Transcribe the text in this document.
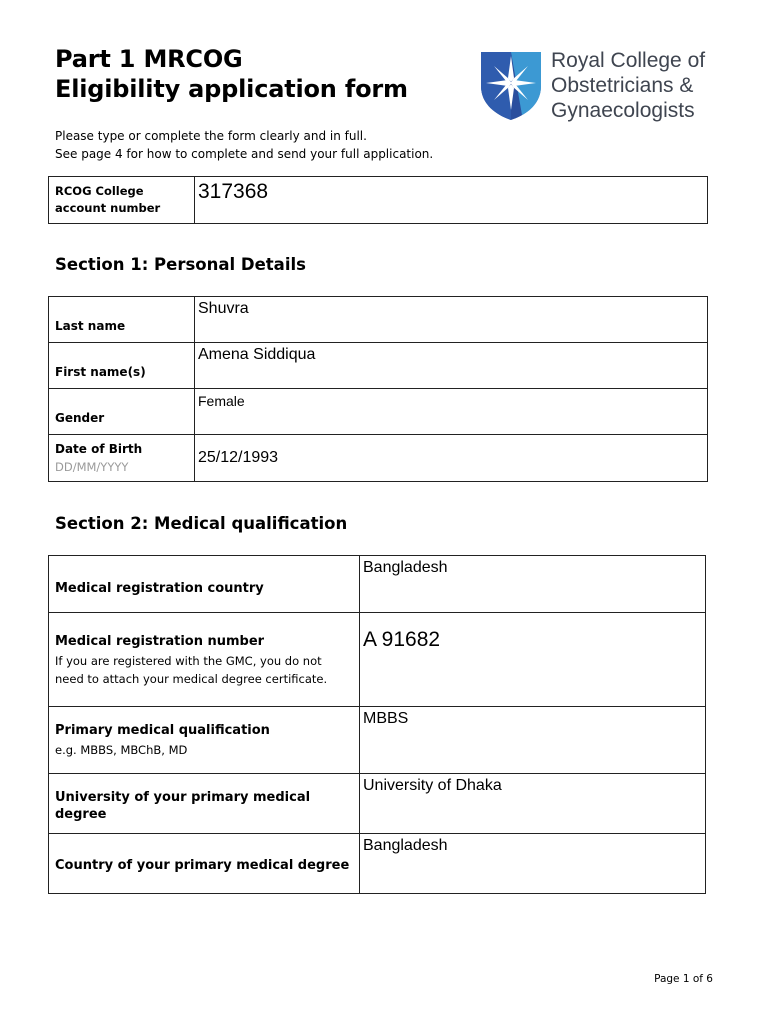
Part 1 MRCOG
Eligibility application form
Royal College of
Obstetricians &
Gynaecologists
Please type or complete the form clearly and in full.
See page 4 for how to complete and send your full application.
RCOG College
account number

317368
Section 1: Personal Details
Last name	Shuvra

First name(s)	Amena Siddiqua

Gender	Female

Date of Birth
DD/MM/YYYY	25/12/1993
Section 2: Medical qualification
Medical registration country	Bangladesh

Medical registration number
If you are registered with the GMC, you do not
need to attach your medical degree certificate.	A 91682

Primary medical qualification
e.g. MBBS, MBChB, MD	MBBS

University of your primary medical degree	University of Dhaka

Country of your primary medical degree	Bangladesh
Page 1 of 6
